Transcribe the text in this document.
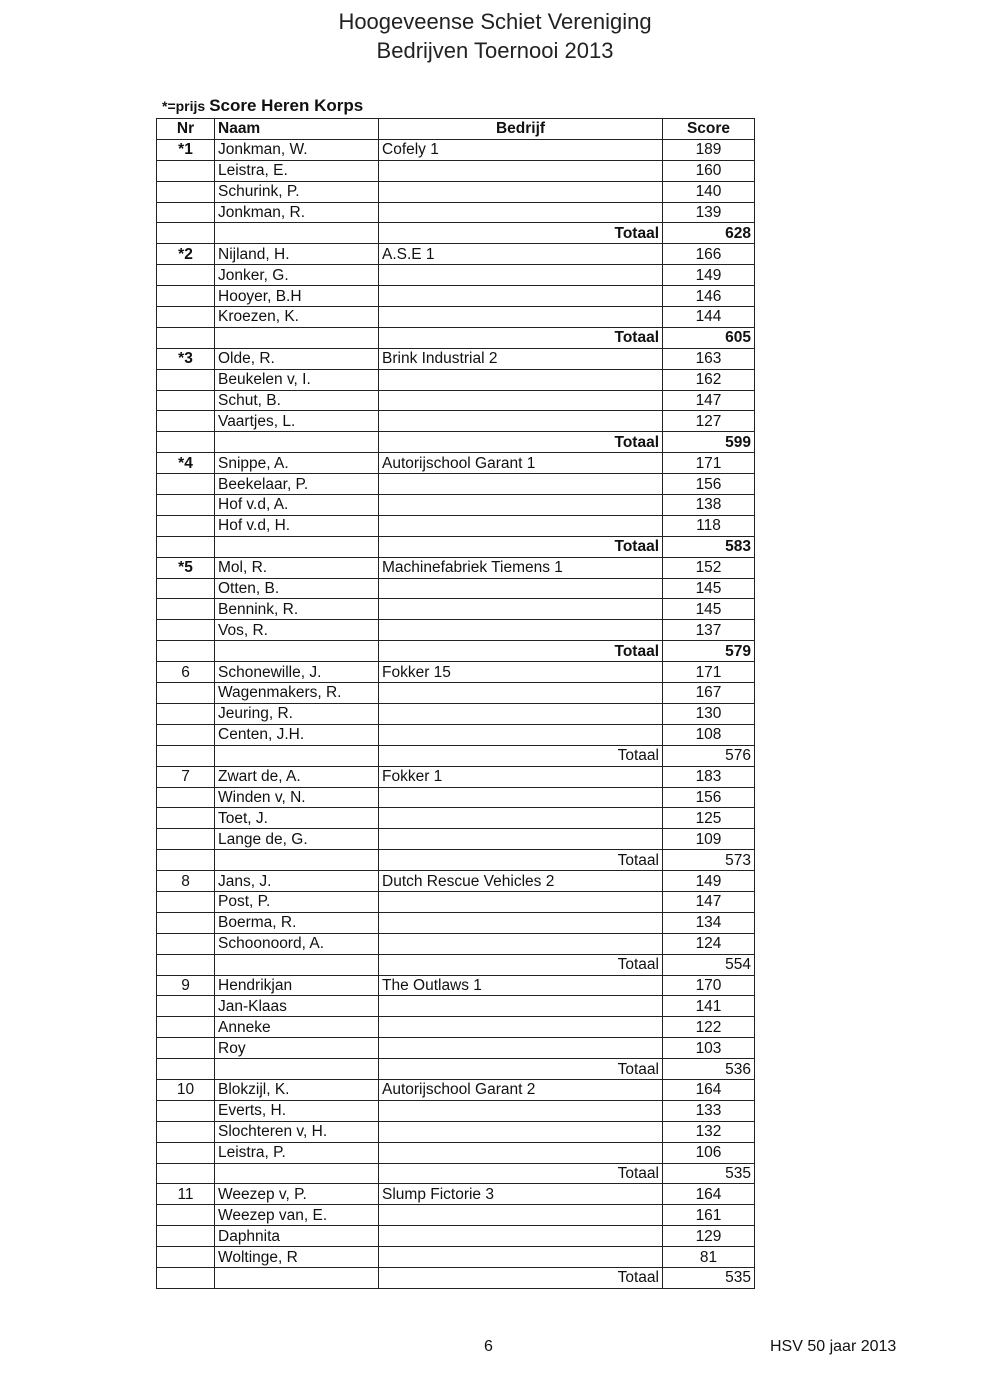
Hoogeveense Schiet Vereniging
Bedrijven Toernooi 2013
*=prijs Score Heren Korps
Nr	Naam	Bedrijf	Score
*1	Jonkman, W.	Cofely 1	189
	Leistra, E.		160
	Schurink, P.		140
	Jonkman, R.		139
		Totaal	628
*2	Nijland, H.	A.S.E 1	166
	Jonker, G.		149
	Hooyer, B.H		146
	Kroezen, K.		144
		Totaal	605
*3	Olde, R.	Brink Industrial 2	163
	Beukelen v, I.		162
	Schut, B.		147
	Vaartjes, L.		127
		Totaal	599
*4	Snippe, A.	Autorijschool Garant 1	171
	Beekelaar, P.		156
	Hof v.d, A.		138
	Hof v.d, H.		118
		Totaal	583
*5	Mol, R.	Machinefabriek Tiemens 1	152
	Otten, B.		145
	Bennink, R.		145
	Vos, R.		137
		Totaal	579
6	Schonewille, J.	Fokker 15	171
	Wagenmakers, R.		167
	Jeuring, R.		130
	Centen, J.H.		108
		Totaal	576
7	Zwart de, A.	Fokker 1	183
	Winden v, N.		156
	Toet, J.		125
	Lange de, G.		109
		Totaal	573
8	Jans, J.	Dutch Rescue Vehicles 2	149
	Post, P.		147
	Boerma, R.		134
	Schoonoord, A.		124
		Totaal	554
9	Hendrikjan	The Outlaws 1	170
	Jan-Klaas		141
	Anneke		122
	Roy		103
		Totaal	536
10	Blokzijl, K.	Autorijschool Garant 2	164
	Everts, H.		133
	Slochteren v, H.		132
	Leistra, P.		106
		Totaal	535
11	Weezep v, P.	Slump Fictorie 3	164
	Weezep van, E.		161
	Daphnita		129
	Woltinge, R		81
		Totaal	535
6	HSV 50 jaar 2013
